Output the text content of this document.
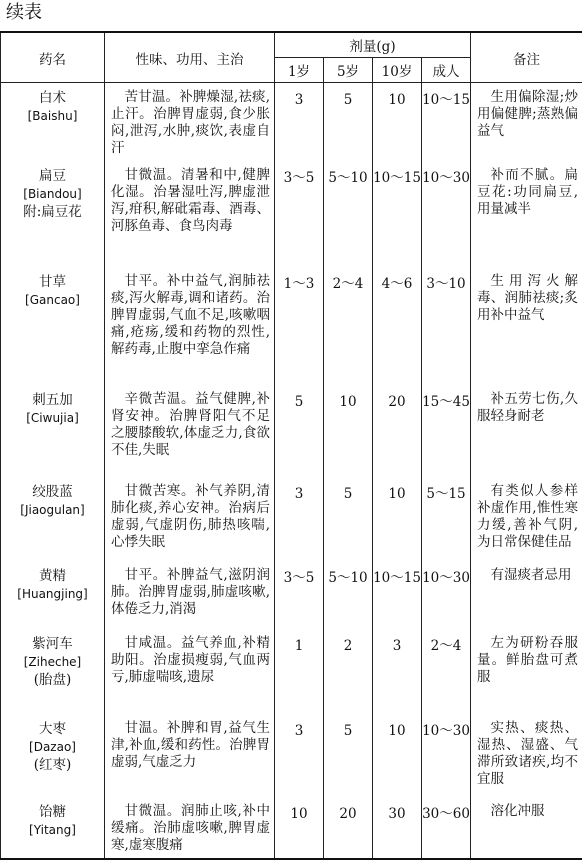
续表
药名	性味、功用、主治	剂量(g)				备注
		1岁	5岁	10岁	成人	

白术
[Baishu]	苦甘温。补脾燥湿,祛痰,止汗。治脾胃虚弱,食少胀闷,泄泻,水肿,痰饮,表虚自汗	3	5	10	10～15	生用偏除湿;炒用偏健脾;蒸熟偏益气

扁豆
[Biandou]
附:扁豆花	甘微温。清暑和中,健脾化湿。治暑湿吐泻,脾虚泄泻,疳积,解砒霜毒、酒毒、河豚鱼毒、食鸟肉毒	3～5	5～10	10～15	10～30	补而不腻。扁豆花:功同扁豆,用量减半

甘草
[Gancao]	甘平。补中益气,润肺祛痰,泻火解毒,调和诸药。治脾胃虚弱,气血不足,咳嗽咽痛,疮疡,缓和药物的烈性,解药毒,止腹中挛急作痛	1～3	2～4	4～6	3～10	生用泻火解毒、润肺祛痰;炙用补中益气

刺五加
[Ciwujia]	辛微苦温。益气健脾,补肾安神。治脾肾阳气不足之腰膝酸软,体虚乏力,食欲不佳,失眠	5	10	20	15～45	补五劳七伤,久服轻身耐老

绞股蓝
[Jiaogulan]	甘微苦寒。补气养阴,清肺化痰,养心安神。治病后虚弱,气虚阴伤,肺热咳喘,心悸失眠	3	5	10	5～15	有类似人参样补虚作用,惟性寒力缓,善补气阴,为日常保健佳品

黄精
[Huangjing]	甘平。补脾益气,滋阴润肺。治脾胃虚弱,肺虚咳嗽,体倦乏力,消渴	3～5	5～10	10～15	10～30	有湿痰者忌用

紫河车
[Ziheche]
(胎盘)	甘咸温。益气养血,补精助阳。治虚损瘦弱,气血两亏,肺虚喘咳,遗尿	1	2	3	2～4	左为研粉吞服量。鲜胎盘可煮服

大枣
[Dazao]
(红枣)	甘温。补脾和胃,益气生津,补血,缓和药性。治脾胃虚弱,气虚乏力	3	5	10	10～30	实热、痰热、湿热、湿盛、气滞所致诸疾,均不宜服

饴糖
[Yitang]	甘微温。润肺止咳,补中缓痛。治肺虚咳嗽,脾胃虚寒,虚寒腹痛	10	20	30	30～60	溶化冲服
